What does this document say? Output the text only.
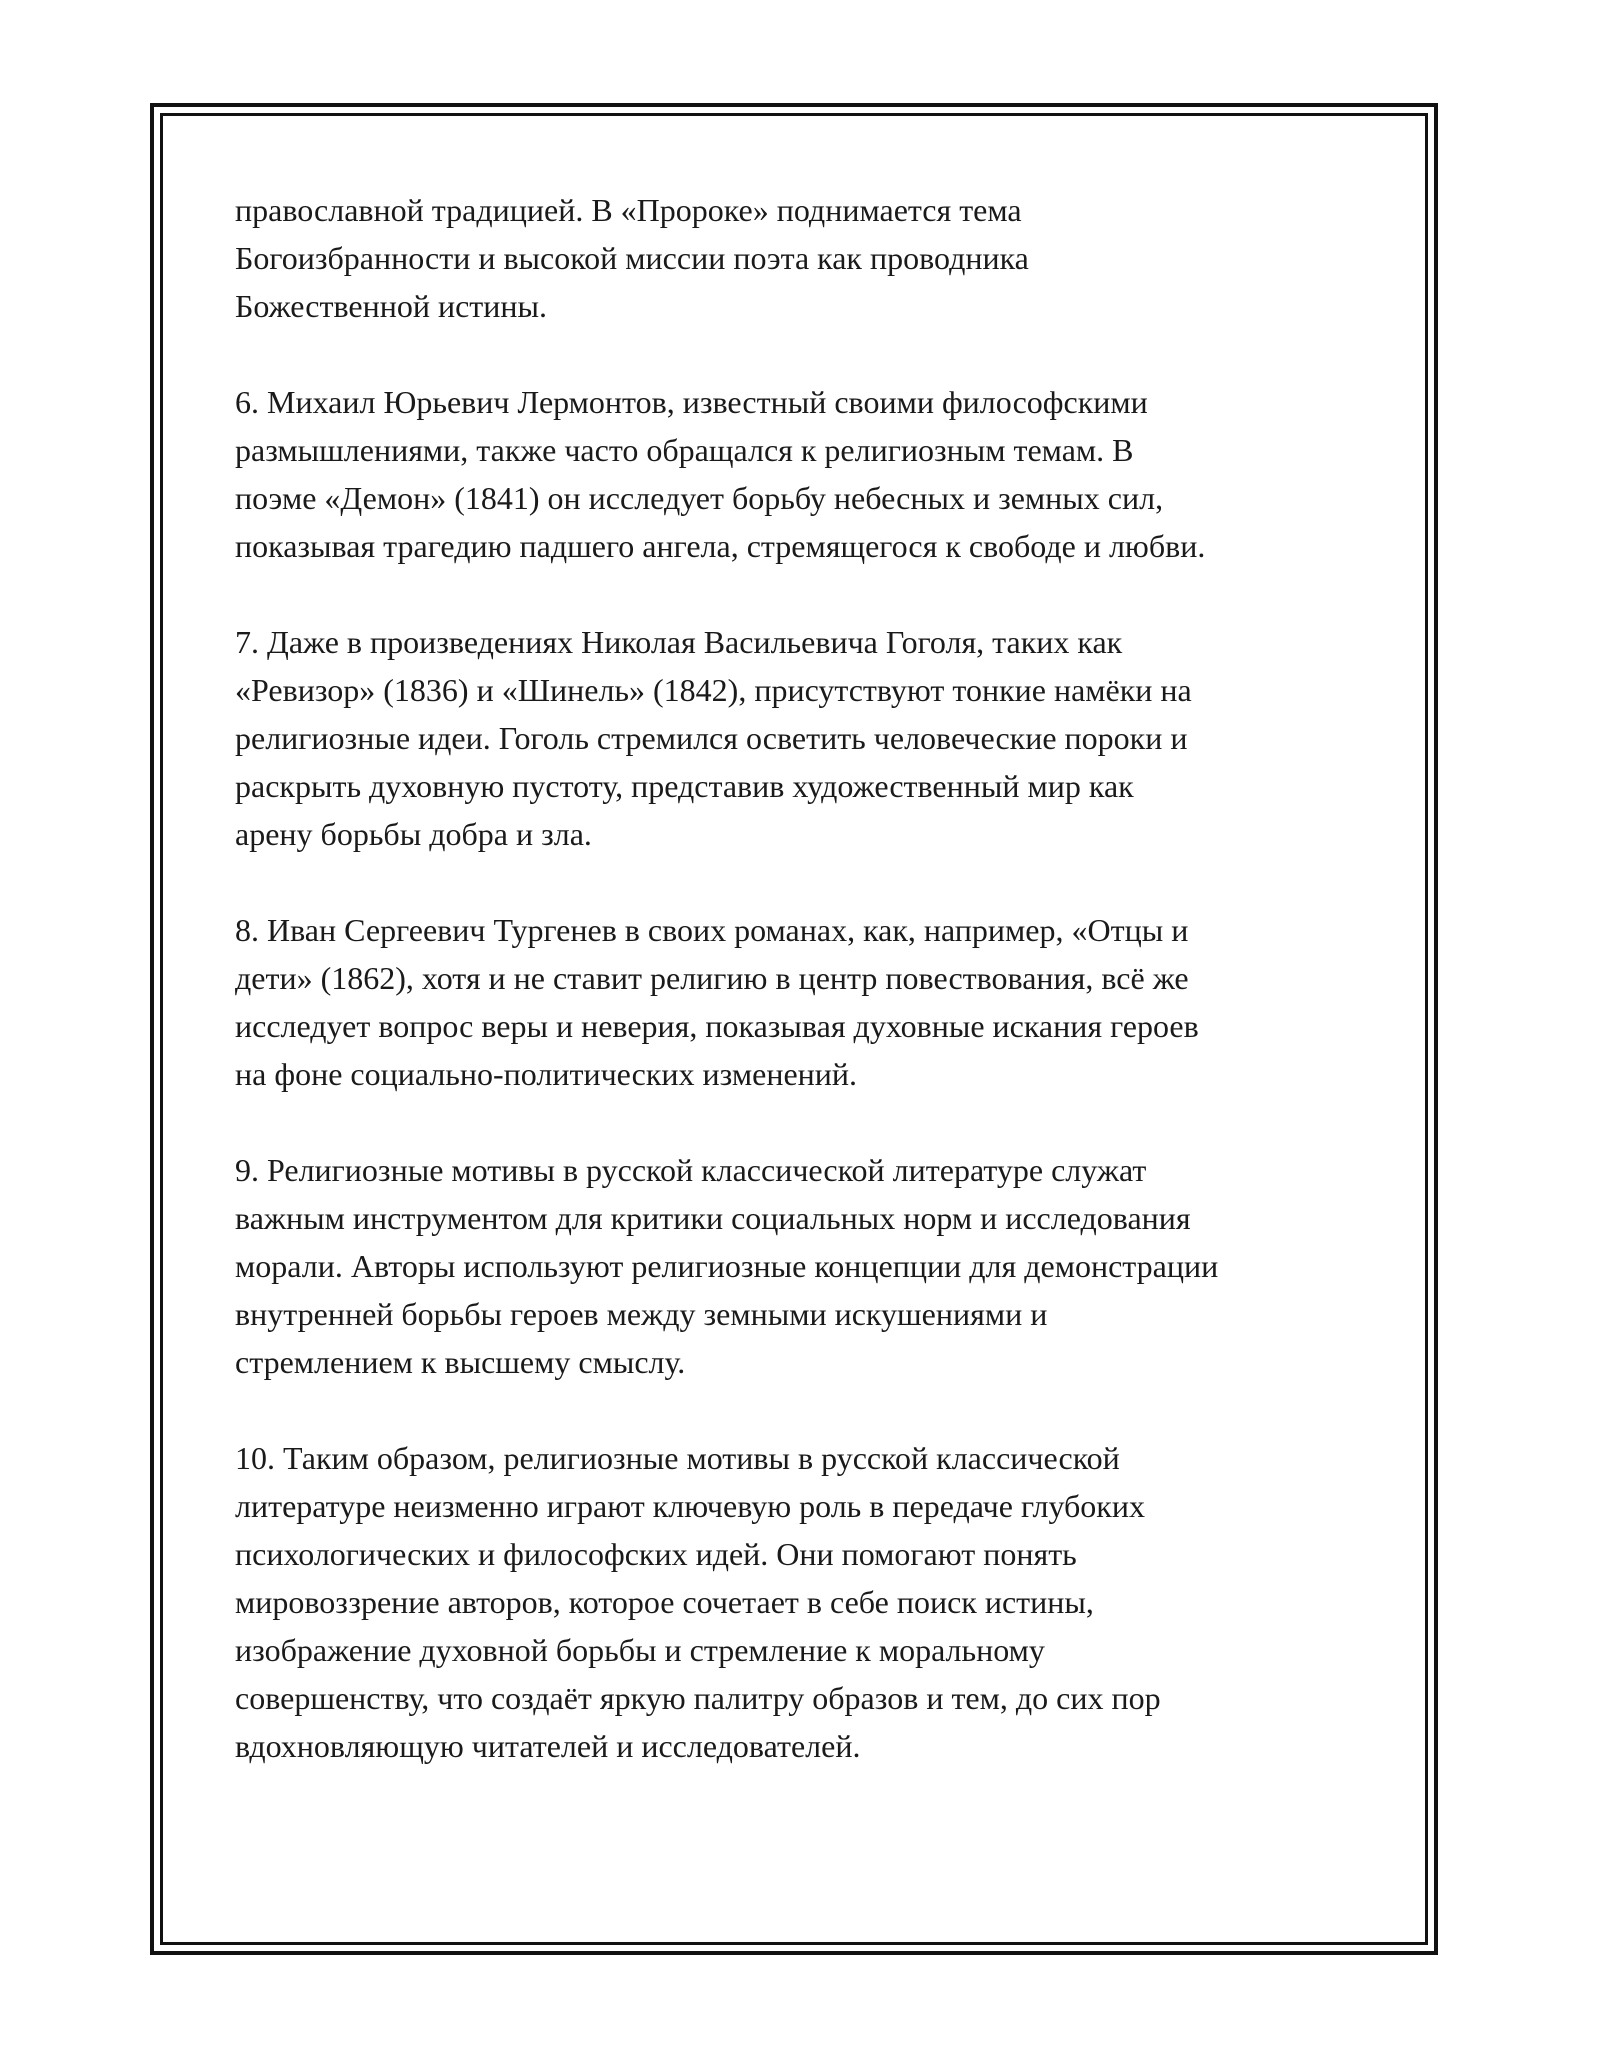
православной традицией. В «Пророке» поднимается тема
Богоизбранности и высокой миссии поэта как проводника
Божественной истины.

6. Михаил Юрьевич Лермонтов, известный своими философскими
размышлениями, также часто обращался к религиозным темам. В
поэме «Демон» (1841) он исследует борьбу небесных и земных сил,
показывая трагедию падшего ангела, стремящегося к свободе и любви.

7. Даже в произведениях Николая Васильевича Гоголя, таких как
«Ревизор» (1836) и «Шинель» (1842), присутствуют тонкие намёки на
религиозные идеи. Гоголь стремился осветить человеческие пороки и
раскрыть духовную пустоту, представив художественный мир как
арену борьбы добра и зла.

8. Иван Сергеевич Тургенев в своих романах, как, например, «Отцы и
дети» (1862), хотя и не ставит религию в центр повествования, всё же
исследует вопрос веры и неверия, показывая духовные искания героев
на фоне социально-политических изменений.

9. Религиозные мотивы в русской классической литературе служат
важным инструментом для критики социальных норм и исследования
морали. Авторы используют религиозные концепции для демонстрации
внутренней борьбы героев между земными искушениями и
стремлением к высшему смыслу.

10. Таким образом, религиозные мотивы в русской классической
литературе неизменно играют ключевую роль в передаче глубоких
психологических и философских идей. Они помогают понять
мировоззрение авторов, которое сочетает в себе поиск истины,
изображение духовной борьбы и стремление к моральному
совершенству, что создаёт яркую палитру образов и тем, до сих пор
вдохновляющую читателей и исследователей.
